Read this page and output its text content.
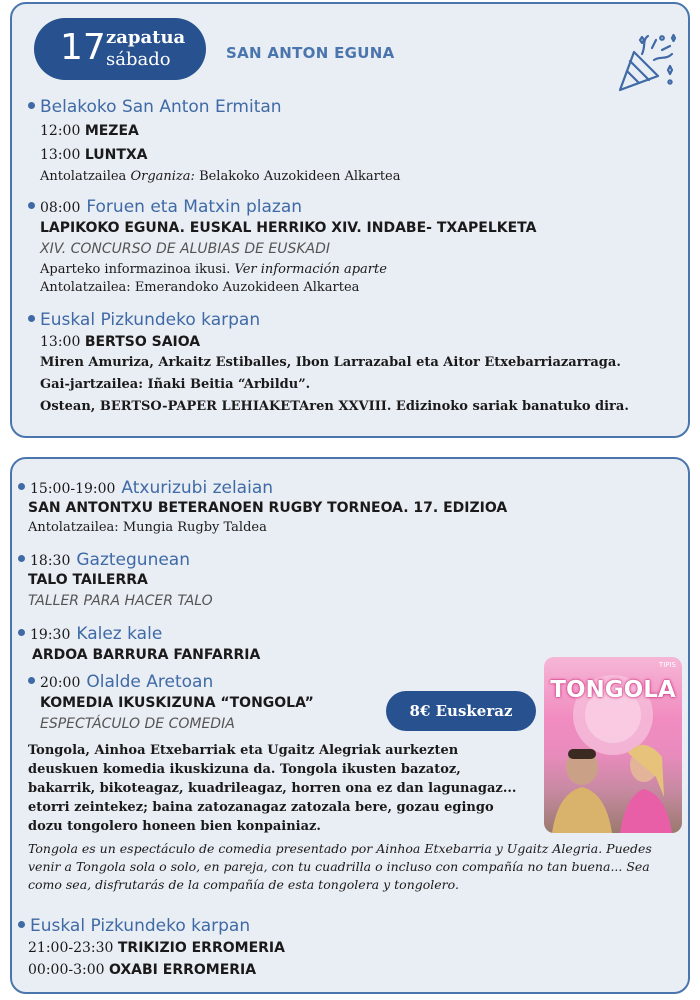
17 zapatua
sábado	SAN ANTON EGUNA
Belakoko San Anton Ermitan
12:00 MEZEA
13:00 LUNTXA
Antolatzailea Organiza: Belakoko Auzokideen Alkartea
08:00 Foruen eta Matxin plazan
LAPIKOKO EGUNA. EUSKAL HERRIKO XIV. INDABE- TXAPELKETA
XIV. CONCURSO DE ALUBIAS DE EUSKADI
Aparteko informazinoa ikusi. Ver información aparte
Antolatzailea: Emerandoko Auzokideen Alkartea
Euskal Pizkundeko karpan
13:00 BERTSO SAIOA
Miren Amuriza, Arkaitz Estiballes, Ibon Larrazabal eta Aitor Etxebarriazarraga.
Gai-jartzailea: Iñaki Beitia “Arbildu”.
Ostean, BERTSO-PAPER LEHIAKETAren XXVIII. Edizinoko sariak banatuko dira.
15:00-19:00 Atxurizubi zelaian
SAN ANTONTXU BETERANOEN RUGBY TORNEOA. 17. EDIZIOA
Antolatzailea: Mungia Rugby Taldea
18:30 Gaztegunean
TALO TAILERRA
TALLER PARA HACER TALO
19:30 Kalez kale
ARDOA BARRURA FANFARRIA
20:00 Olalde Aretoan
KOMEDIA IKUSKIZUNA “TONGOLA”
ESPECTÁCULO DE COMEDIA
8€ Euskeraz
TIPIS
TONGOLA
Tongola, Ainhoa Etxebarriak eta Ugaitz Alegriak aurkezten
deuskuen komedia ikuskizuna da. Tongola ikusten bazatoz,
bakarrik, bikoteagaz, kuadrileagaz, horren ona ez dan lagunagaz...
etorri zeintekez; baina zatozanagaz zatozala bere, gozau egingo
dozu tongolero honeen bien konpainiaz.
Tongola es un espectáculo de comedia presentado por Ainhoa Etxebarria y Ugaitz Alegria. Puedes
venir a Tongola sola o solo, en pareja, con tu cuadrilla o incluso con compañía no tan buena... Sea
como sea, disfrutarás de la compañía de esta tongolera y tongolero.
Euskal Pizkundeko karpan
21:00-23:30 TRIKIZIO ERROMERIA
00:00-3:00 OXABI ERROMERIA
